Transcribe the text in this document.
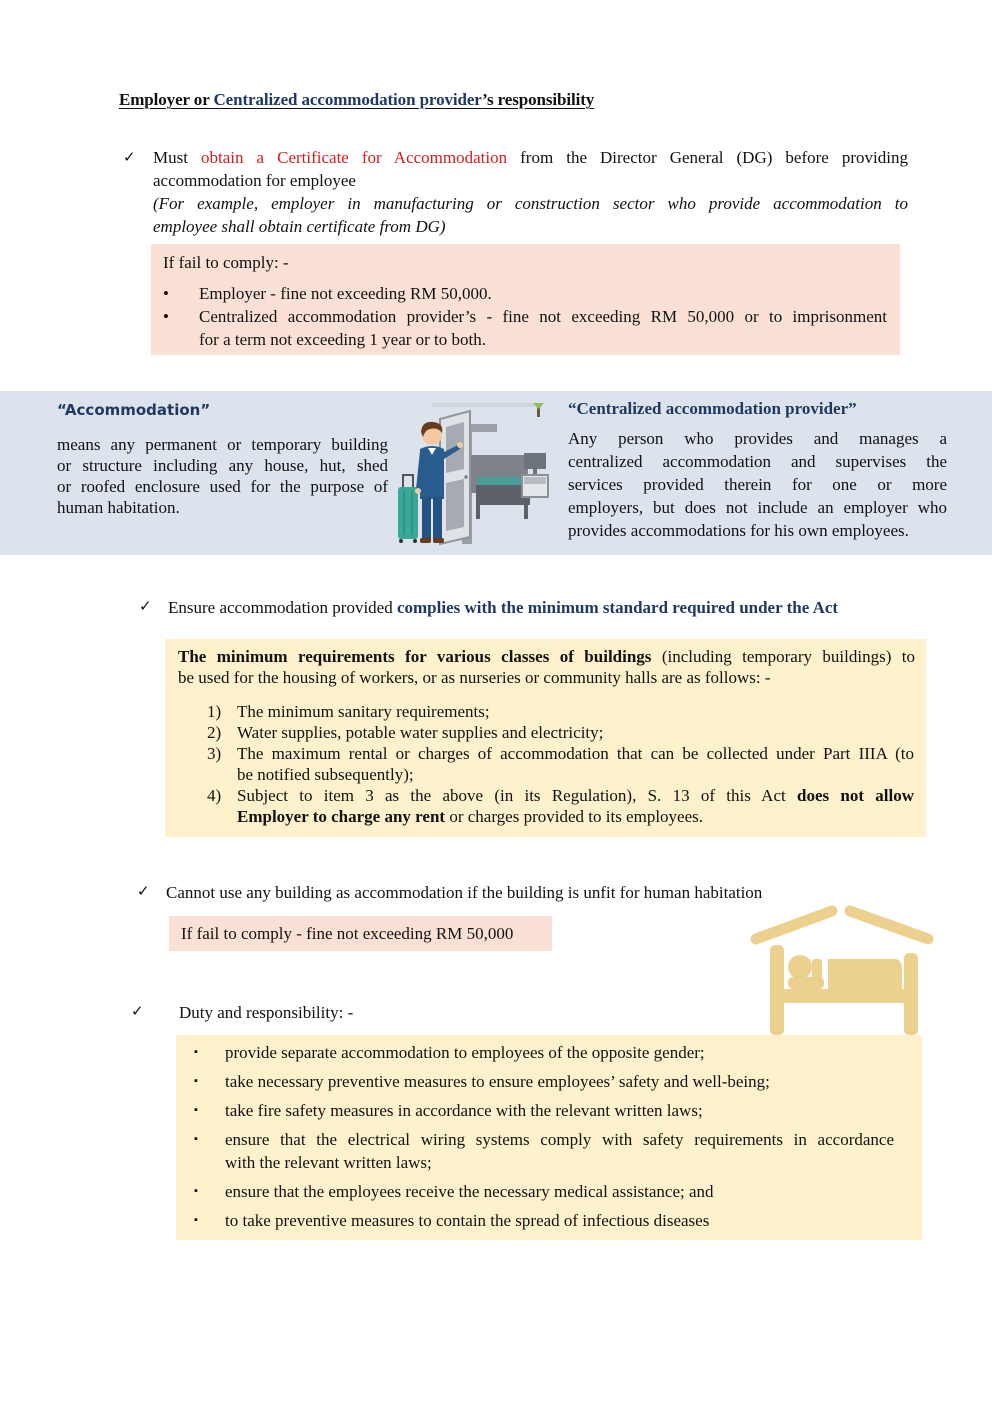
Employer or Centralized accommodation provider’s responsibility
✓ Must obtain a Certificate for Accommodation from the Director General (DG) before providing
accommodation for employee
(For example, employer in manufacturing or construction sector who provide accommodation to
employee shall obtain certificate from DG)
If fail to comply: -
• Employer - fine not exceeding RM 50,000.
• Centralized accommodation provider’s - fine not exceeding RM 50,000 or to imprisonment
for a term not exceeding 1 year or to both.
“Accommodation”
means any permanent or temporary building
or structure including any house, hut, shed
or roofed enclosure used for the purpose of
human habitation.
“Centralized accommodation provider”
Any person who provides and manages a
centralized accommodation and supervises the
services provided therein for one or more
employers, but does not include an employer who
provides accommodations for his own employees.
✓ Ensure accommodation provided complies with the minimum standard required under the Act
The minimum requirements for various classes of buildings (including temporary buildings) to
be used for the housing of workers, or as nurseries or community halls are as follows: -
1) The minimum sanitary requirements;
2) Water supplies, potable water supplies and electricity;
3) The maximum rental or charges of accommodation that can be collected under Part IIIA (to
be notified subsequently);
4) Subject to item 3 as the above (in its Regulation), S. 13 of this Act does not allow
Employer to charge any rent or charges provided to its employees.
✓ Cannot use any building as accommodation if the building is unfit for human habitation
If fail to comply - fine not exceeding RM 50,000
✓ Duty and responsibility: -
▪ provide separate accommodation to employees of the opposite gender;
▪ take necessary preventive measures to ensure employees’ safety and well-being;
▪ take fire safety measures in accordance with the relevant written laws;
▪ ensure that the electrical wiring systems comply with safety requirements in accordance
with the relevant written laws;
▪ ensure that the employees receive the necessary medical assistance; and
▪ to take preventive measures to contain the spread of infectious diseases
